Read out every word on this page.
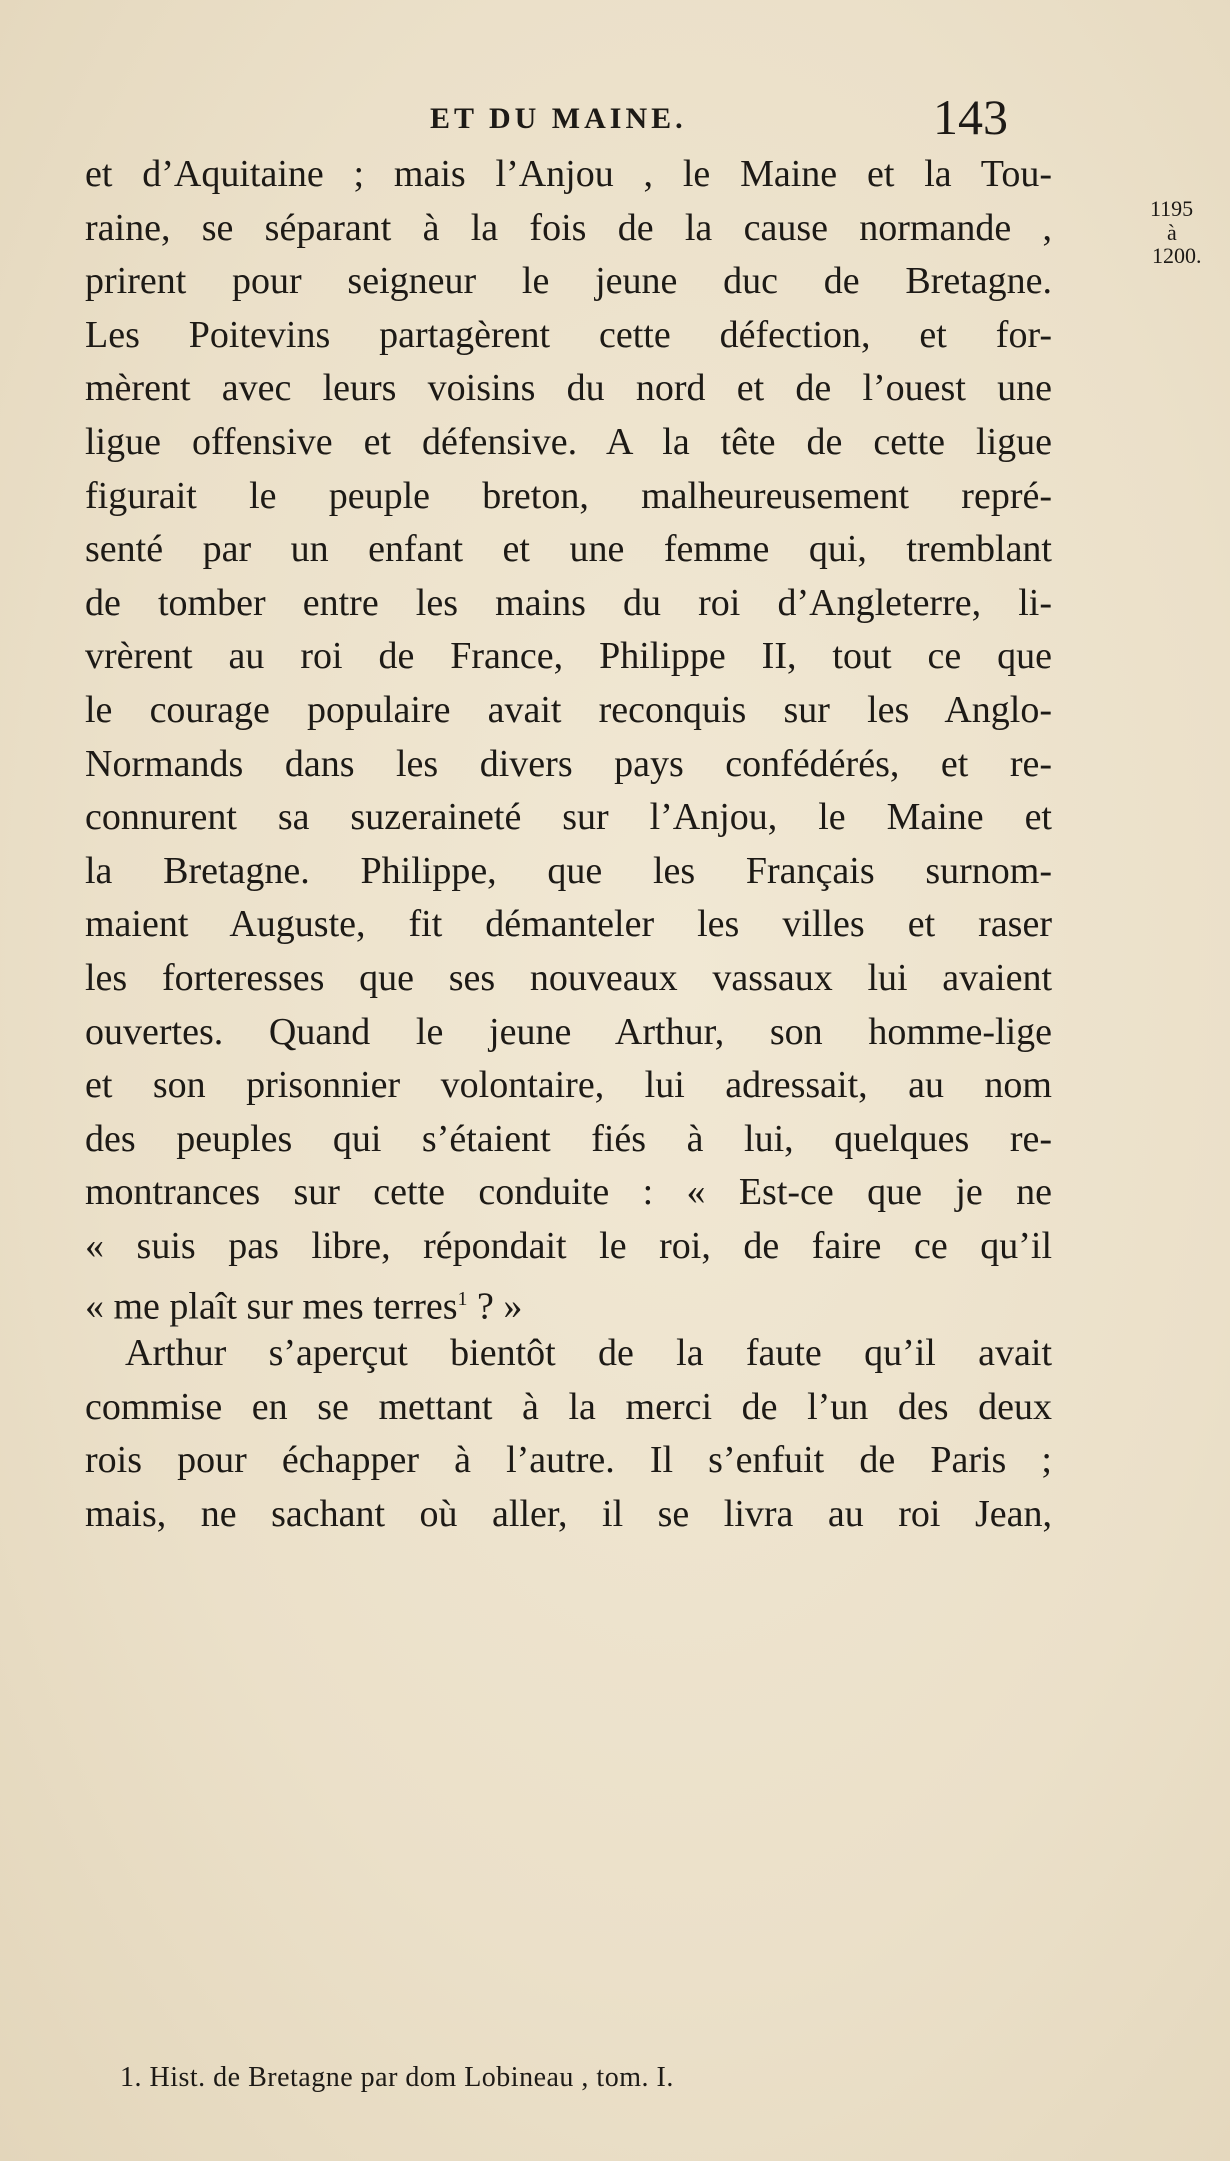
ET DU MAINE.	143
1195
à
1200.
et d’Aquitaine ; mais l’Anjou , le Maine et la Tou-
raine, se séparant à la fois de la cause normande ,
prirent pour seigneur le jeune duc de Bretagne.
Les Poitevins partagèrent cette défection, et for-
mèrent avec leurs voisins du nord et de l’ouest une
ligue offensive et défensive. A la tête de cette ligue
figurait le peuple breton, malheureusement repré-
senté par un enfant et une femme qui, tremblant
de tomber entre les mains du roi d’Angleterre, li-
vrèrent au roi de France, Philippe II, tout ce que
le courage populaire avait reconquis sur les Anglo-
Normands dans les divers pays confédérés, et re-
connurent sa suzeraineté sur l’Anjou, le Maine et
la Bretagne. Philippe, que les Français surnom-
maient Auguste, fit démanteler les villes et raser
les forteresses que ses nouveaux vassaux lui avaient
ouvertes. Quand le jeune Arthur, son homme-lige
et son prisonnier volontaire, lui adressait, au nom
des peuples qui s’étaient fiés à lui, quelques re-
montrances sur cette conduite : « Est-ce que je ne
« suis pas libre, répondait le roi, de faire ce qu’il
« me plaît sur mes terres$^1$ ? »
Arthur s’aperçut bientôt de la faute qu’il avait
commise en se mettant à la merci de l’un des deux
rois pour échapper à l’autre. Il s’enfuit de Paris ;
mais, ne sachant où aller, il se livra au roi Jean,
1. Hist. de Bretagne par dom Lobineau , tom. I.
